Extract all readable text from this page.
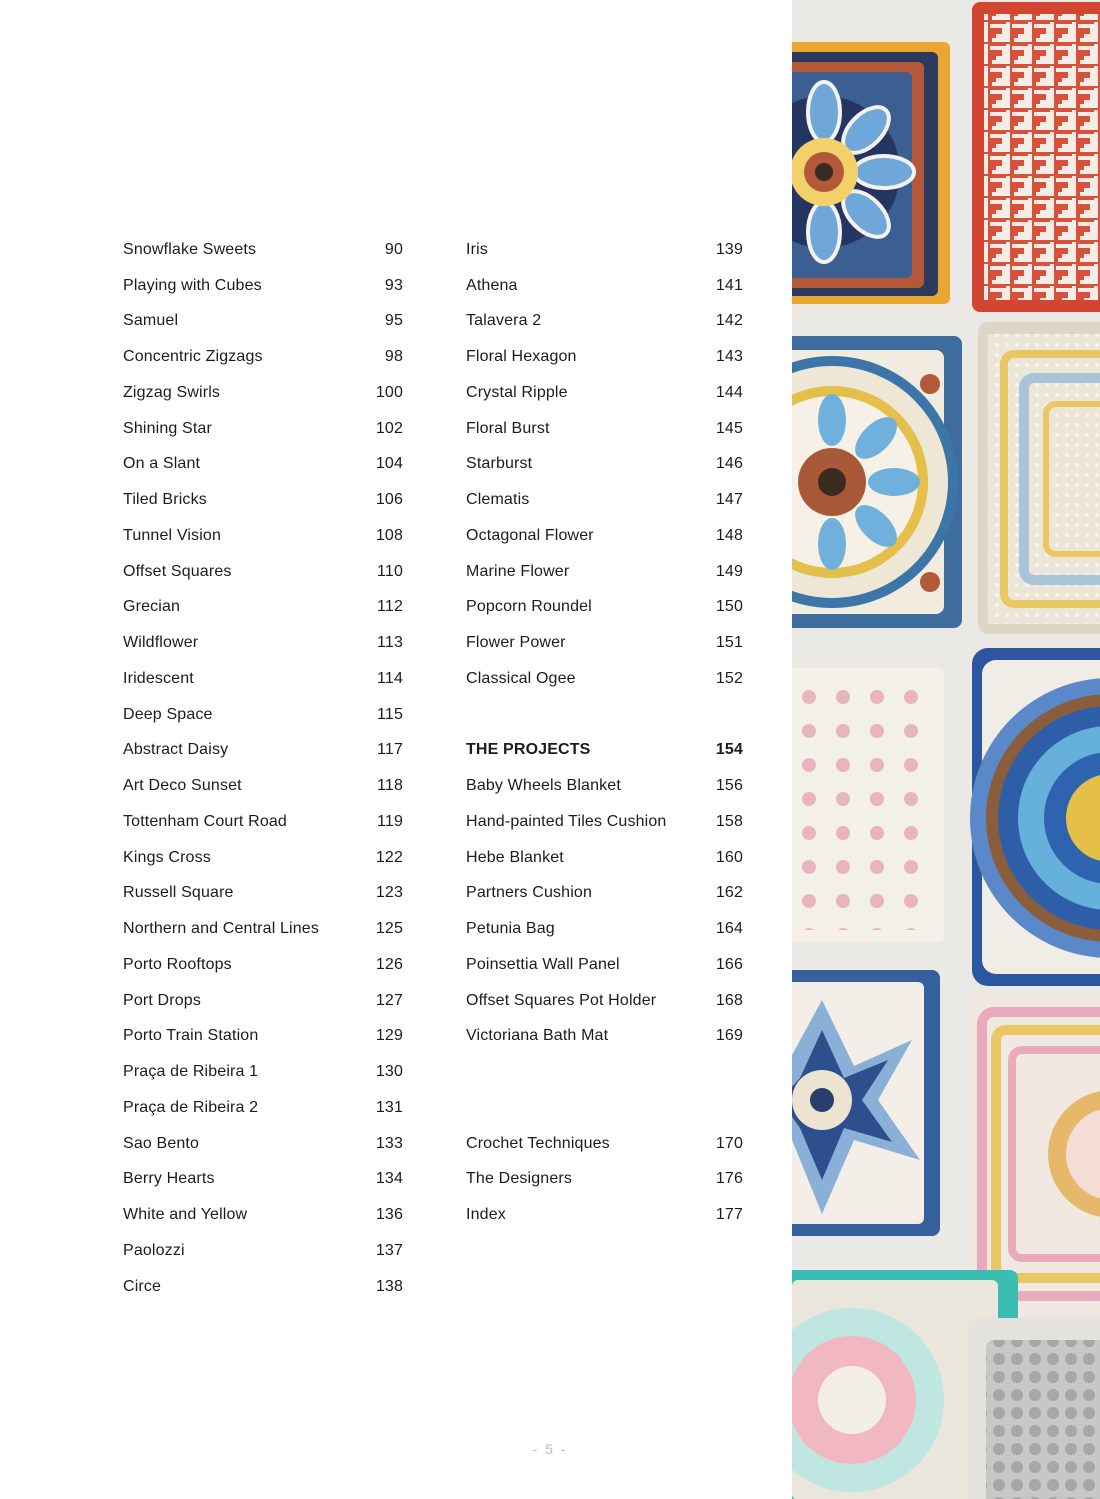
Snowflake Sweets	90
Playing with Cubes	93
Samuel	95
Concentric Zigzags	98
Zigzag Swirls	100
Shining Star	102
On a Slant	104
Tiled Bricks	106
Tunnel Vision	108
Offset Squares	110
Grecian	112
Wildflower	113
Iridescent	114
Deep Space	115
Abstract Daisy	117
Art Deco Sunset	118
Tottenham Court Road	119
Kings Cross	122
Russell Square	123
Northern and Central Lines	125
Porto Rooftops	126
Port Drops	127
Porto Train Station	129
Praça de Ribeira 1	130
Praça de Ribeira 2	131
Sao Bento	133
Berry Hearts	134
White and Yellow	136
Paolozzi	137
Circe	138
Iris	139
Athena	141
Talavera 2	142
Floral Hexagon	143
Crystal Ripple	144
Floral Burst	145
Starburst	146
Clematis	147
Octagonal Flower	148
Marine Flower	149
Popcorn Roundel	150
Flower Power	151
Classical Ogee	152
THE PROJECTS	154
Baby Wheels Blanket	156
Hand-painted Tiles Cushion	158
Hebe Blanket	160
Partners Cushion	162
Petunia Bag	164
Poinsettia Wall Panel	166
Offset Squares Pot Holder	168
Victoriana Bath Mat	169
Crochet Techniques	170
The Designers	176
Index	177
- 5 -
